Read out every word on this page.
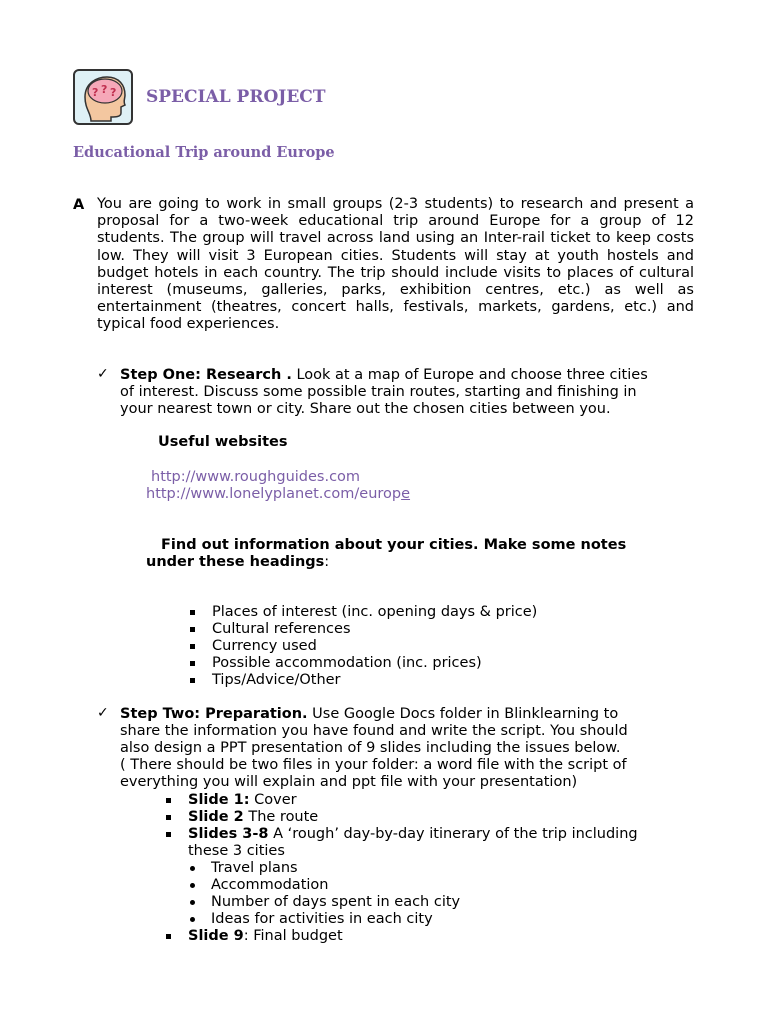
? ? ? SPECIAL PROJECT
Educational Trip around Europe
A You are going to work in small groups (2-3 students) to research and present a proposal for a two-week educational trip around Europe for a group of 12 students. The group will travel across land using an Inter-rail ticket to keep costs low. They will visit 3 European cities. Students will stay at youth hostels and budget hotels in each country. The trip should include visits to places of cultural interest (museums, galleries, parks, exhibition centres, etc.) as well as entertainment (theatres, concert halls, festivals, markets, gardens, etc.) and typical food experiences.
✓ Step One: Research . Look at a map of Europe and choose three cities
of interest. Discuss some possible train routes, starting and finishing in
your nearest town or city. Share out the chosen cities between you.
Useful websites
http://www.roughguides.com
http://www.lonelyplanet.com/europe
Find out information about your cities. Make some notes
under these headings:
Places of interest (inc. opening days & price)
Cultural references
Currency used
Possible accommodation (inc. prices)
Tips/Advice/Other
✓ Step Two: Preparation. Use Google Docs folder in Blinklearning to
share the information you have found and write the script. You should
also design a PPT presentation of 9 slides including the issues below.
( There should be two files in your folder: a word file with the script of
everything you will explain and ppt file with your presentation)
Slide 1: Cover
Slide 2 The route
Slides 3-8 A ‘rough’ day-by-day itinerary of the trip including
these 3 cities
Travel plans
Accommodation
Number of days spent in each city
Ideas for activities in each city
Slide 9: Final budget
